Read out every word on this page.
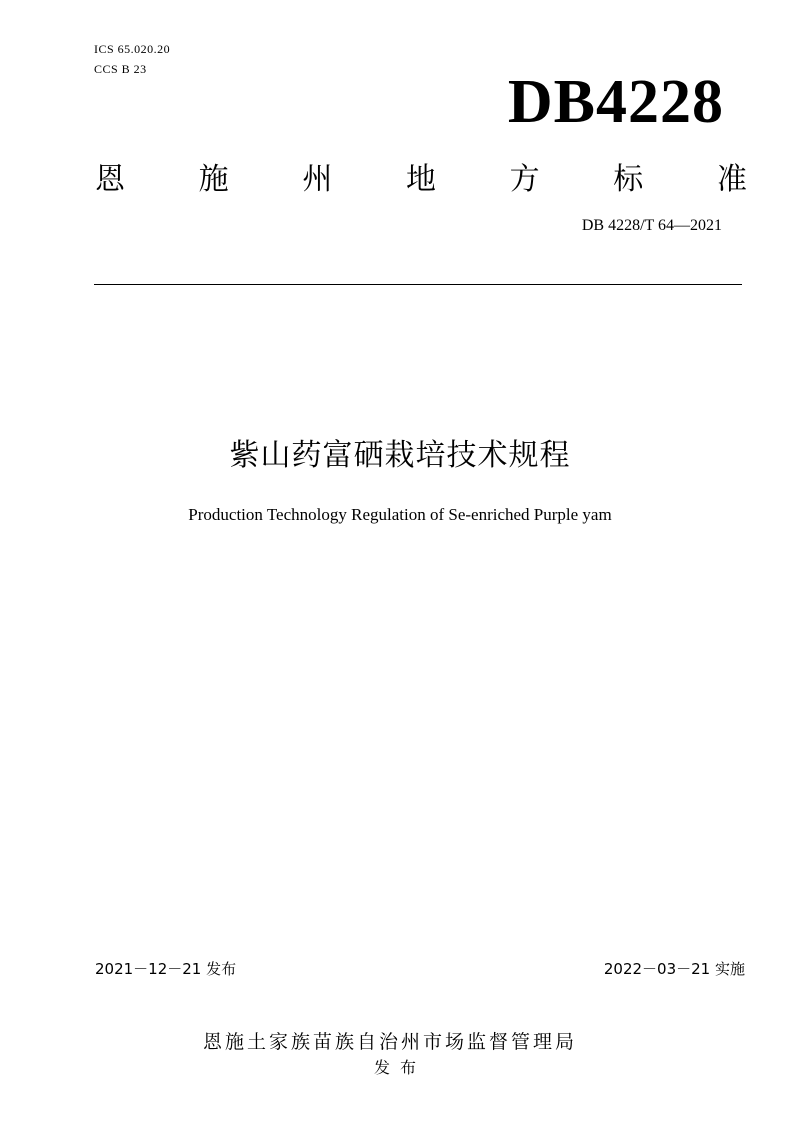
ICS 65.020.20
CCS B 23	DB4228
恩 施 州 地 方 标 准
DB 4228/T 64—2021
紫山药富硒栽培技术规程
Production Technology Regulation of Se-enriched Purple yam
2021－12－21 发布	2022－03－21 实施
恩施土家族苗族自治州市场监督管理局
发布
